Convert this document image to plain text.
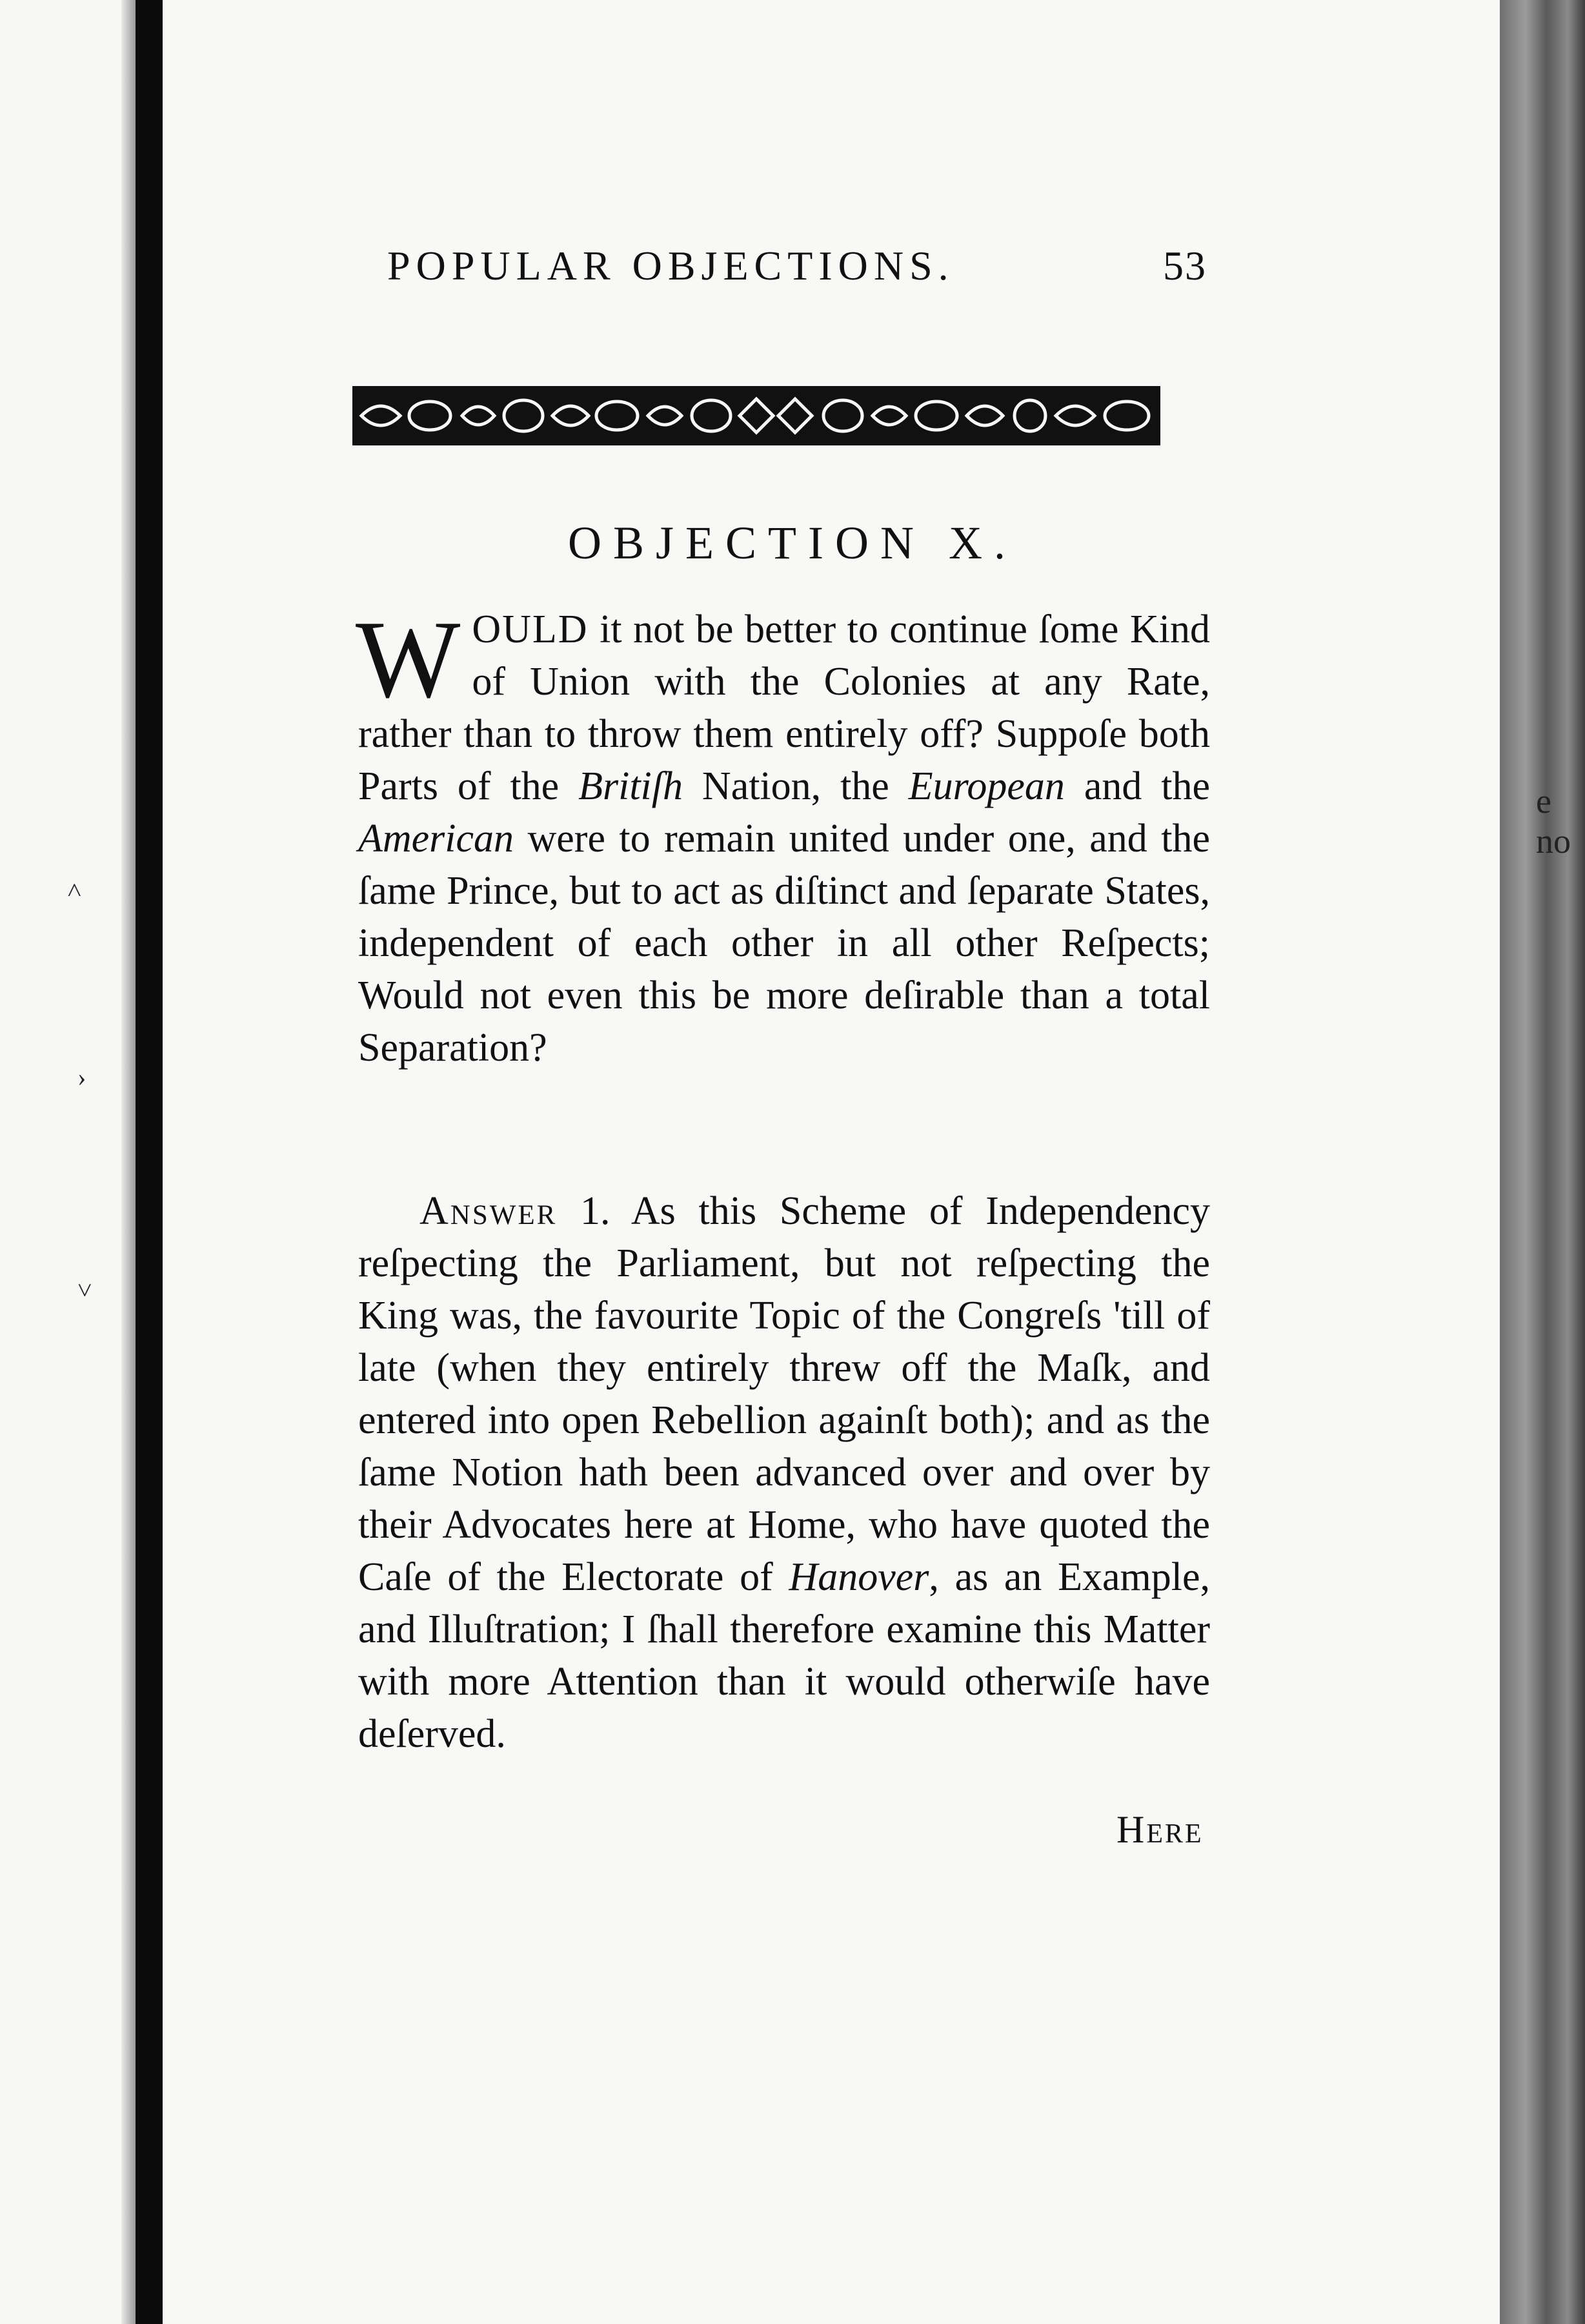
˄
›
˅
e no
POPULAR OBJECTIONS.	53
OBJECTION X.

WOULD it not be better to continue ſome Kind of Union with the Colonies at any Rate, rather than to throw them entirely off? Suppoſe both Parts of the Britiſh Nation, the European and the American were to remain united under one, and the ſame Prince, but to act as diſtinct and ſeparate States, independent of each other in all other Reſpects; Would not even this be more deſirable than a total Separation?

Answer 1. As this Scheme of Independency reſpecting the Parliament, but not reſpecting the King was, the favourite Topic of the Congreſs 'till of late (when they entirely threw off the Maſk, and entered into open Rebellion againſt both); and as the ſame Notion hath been advanced over and over by their Advocates here at Home, who have quoted the Caſe of the Electorate of Hanover, as an Example, and Illuſtration; I ſhall therefore examine this Matter with more Attention than it would otherwiſe have deſerved.

Here
